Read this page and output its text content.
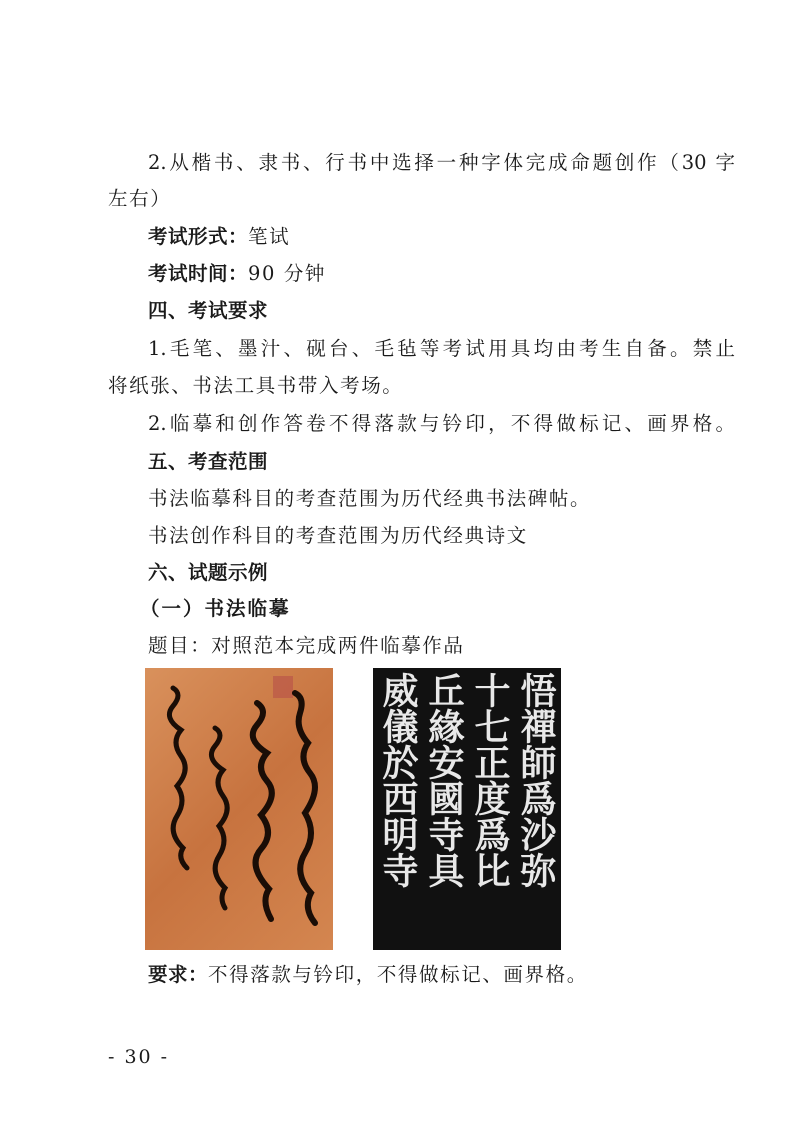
2.从楷书、隶书、行书中选择一种字体完成命题创作（30 字
左右）
考试形式：笔试
考试时间：90 分钟
四、考试要求
1.毛笔、墨汁、砚台、毛毡等考试用具均由考生自备。禁止
将纸张、书法工具书带入考场。
2.临摹和创作答卷不得落款与钤印，不得做标记、画界格。
五、考查范围
书法临摹科目的考查范围为历代经典书法碑帖。
书法创作科目的考查范围为历代经典诗文
六、试题示例
（一）书法临摹
题目：对照范本完成两件临摹作品
悟禪師爲沙弥
十七正度爲比
丘緣安國寺具
威儀於西明寺
要求：不得落款与钤印，不得做标记、画界格。
- 30 -
